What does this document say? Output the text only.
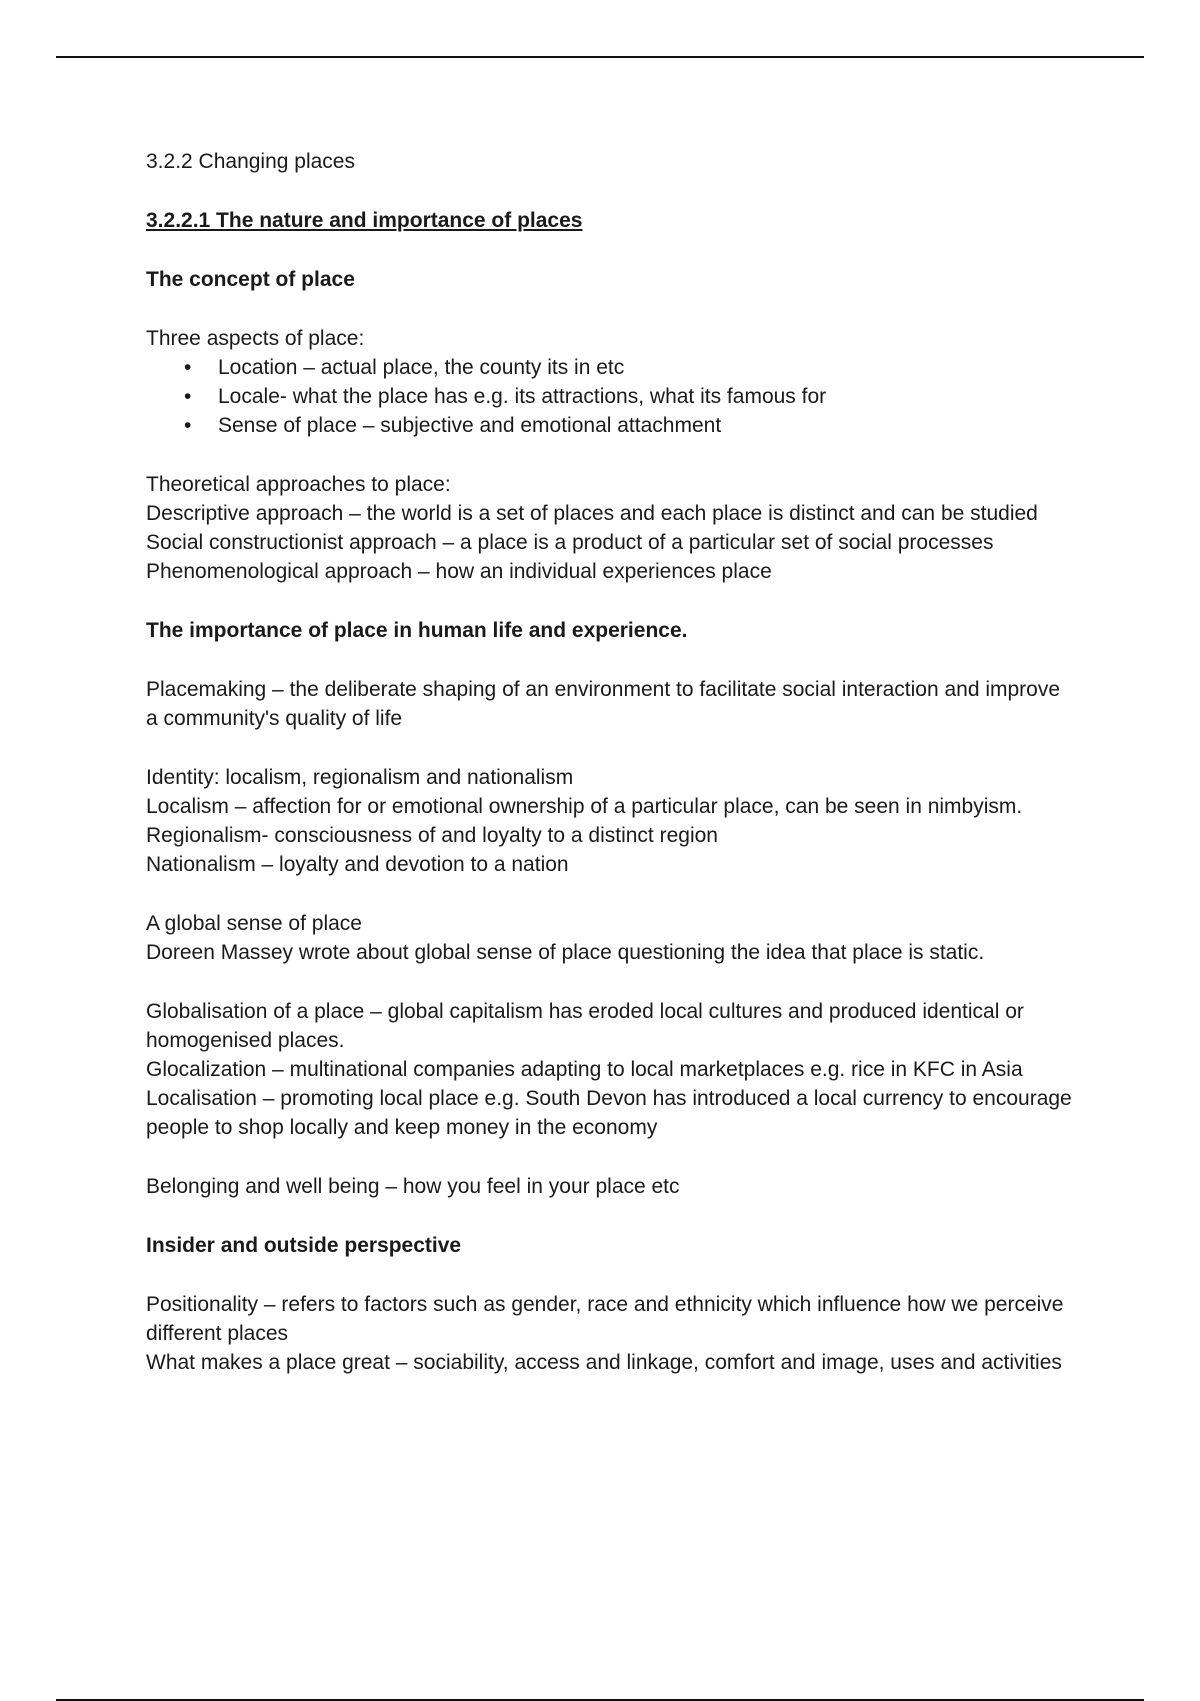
3.2.2 Changing places

3.2.2.1 The nature and importance of places

The concept of place

Three aspects of place:

• Location – actual place, the county its in etc
• Locale- what the place has e.g. its attractions, what its famous for
• Sense of place – subjective and emotional attachment

Theoretical approaches to place:

Descriptive approach – the world is a set of places and each place is distinct and can be studied

Social constructionist approach – a place is a product of a particular set of social processes

Phenomenological approach – how an individual experiences place

The importance of place in human life and experience.

Placemaking – the deliberate shaping of an environment to facilitate social interaction and improve a community's quality of life

Identity: localism, regionalism and nationalism

Localism – affection for or emotional ownership of a particular place, can be seen in nimbyism.

Regionalism- consciousness of and loyalty to a distinct region

Nationalism – loyalty and devotion to a nation

A global sense of place

Doreen Massey wrote about global sense of place questioning the idea that place is static.

Globalisation of a place – global capitalism has eroded local cultures and produced identical or homogenised places.

Glocalization – multinational companies adapting to local marketplaces e.g. rice in KFC in Asia

Localisation – promoting local place e.g. South Devon has introduced a local currency to encourage people to shop locally and keep money in the economy

Belonging and well being – how you feel in your place etc

Insider and outside perspective

Positionality – refers to factors such as gender, race and ethnicity which influence how we perceive different places

What makes a place great – sociability, access and linkage, comfort and image, uses and activities
